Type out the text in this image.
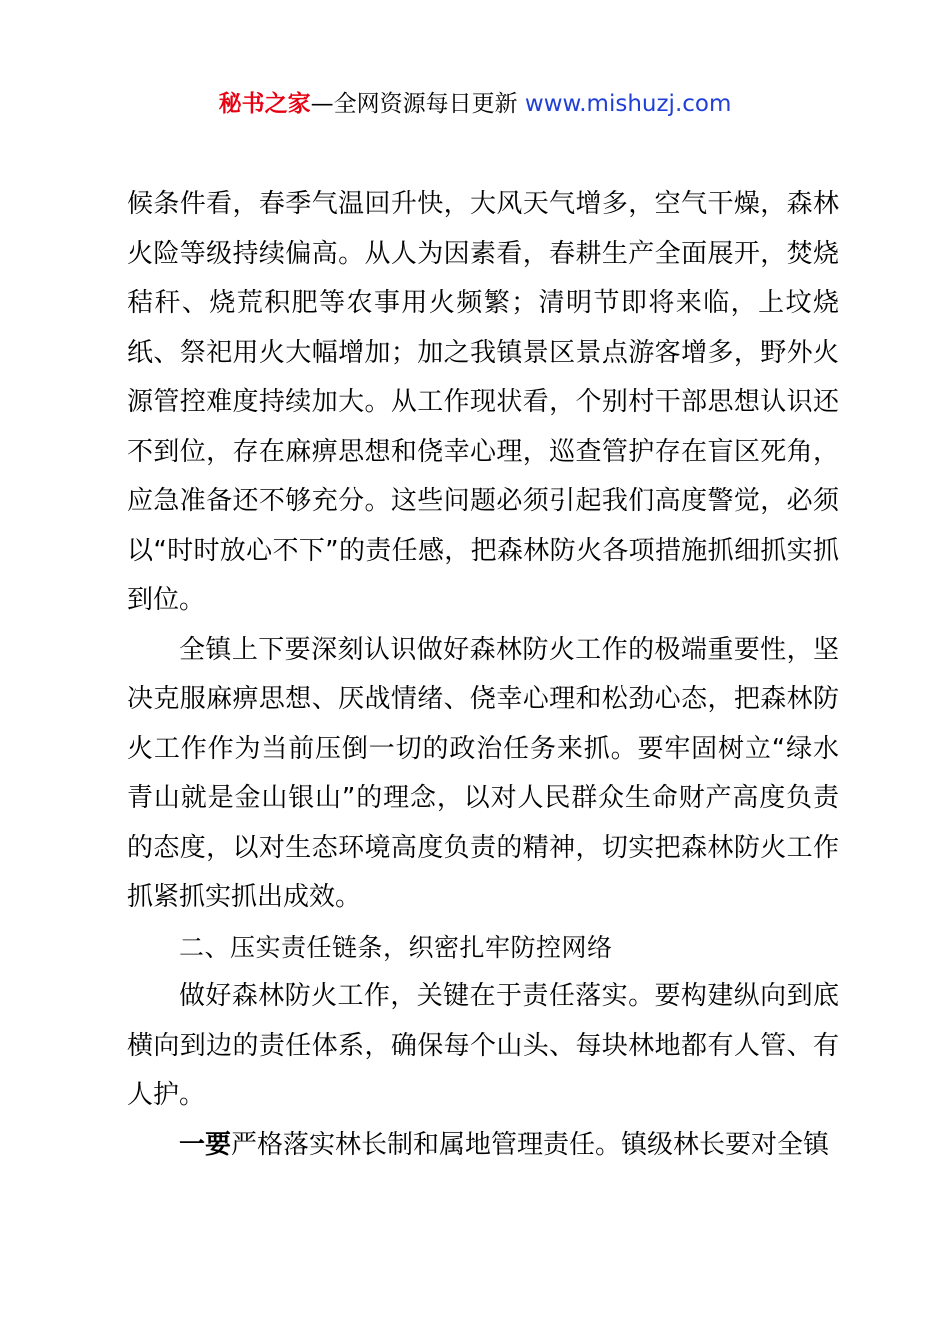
秘书之家—全网资源每日更新 www.mishuzj.com

候条件看，春季气温回升快，大风天气增多，空气干燥，森林火险等级持续偏高。从人为因素看，春耕生产全面展开，焚烧秸秆、烧荒积肥等农事用火频繁；清明节即将来临，上坟烧纸、祭祀用火大幅增加；加之我镇景区景点游客增多，野外火源管控难度持续加大。从工作现状看，个别村干部思想认识还不到位，存在麻痹思想和侥幸心理，巡查管护存在盲区死角，应急准备还不够充分。这些问题必须引起我们高度警觉，必须以“时时放心不下”的责任感，把森林防火各项措施抓细抓实抓到位。

全镇上下要深刻认识做好森林防火工作的极端重要性，坚决克服麻痹思想、厌战情绪、侥幸心理和松劲心态，把森林防火工作作为当前压倒一切的政治任务来抓。要牢固树立“绿水青山就是金山银山”的理念，以对人民群众生命财产高度负责的态度，以对生态环境高度负责的精神，切实把森林防火工作抓紧抓实抓出成效。

二、压实责任链条，织密扎牢防控网络

做好森林防火工作，关键在于责任落实。要构建纵向到底横向到边的责任体系，确保每个山头、每块林地都有人管、有人护。

一要严格落实林长制和属地管理责任。镇级林长要对全镇
